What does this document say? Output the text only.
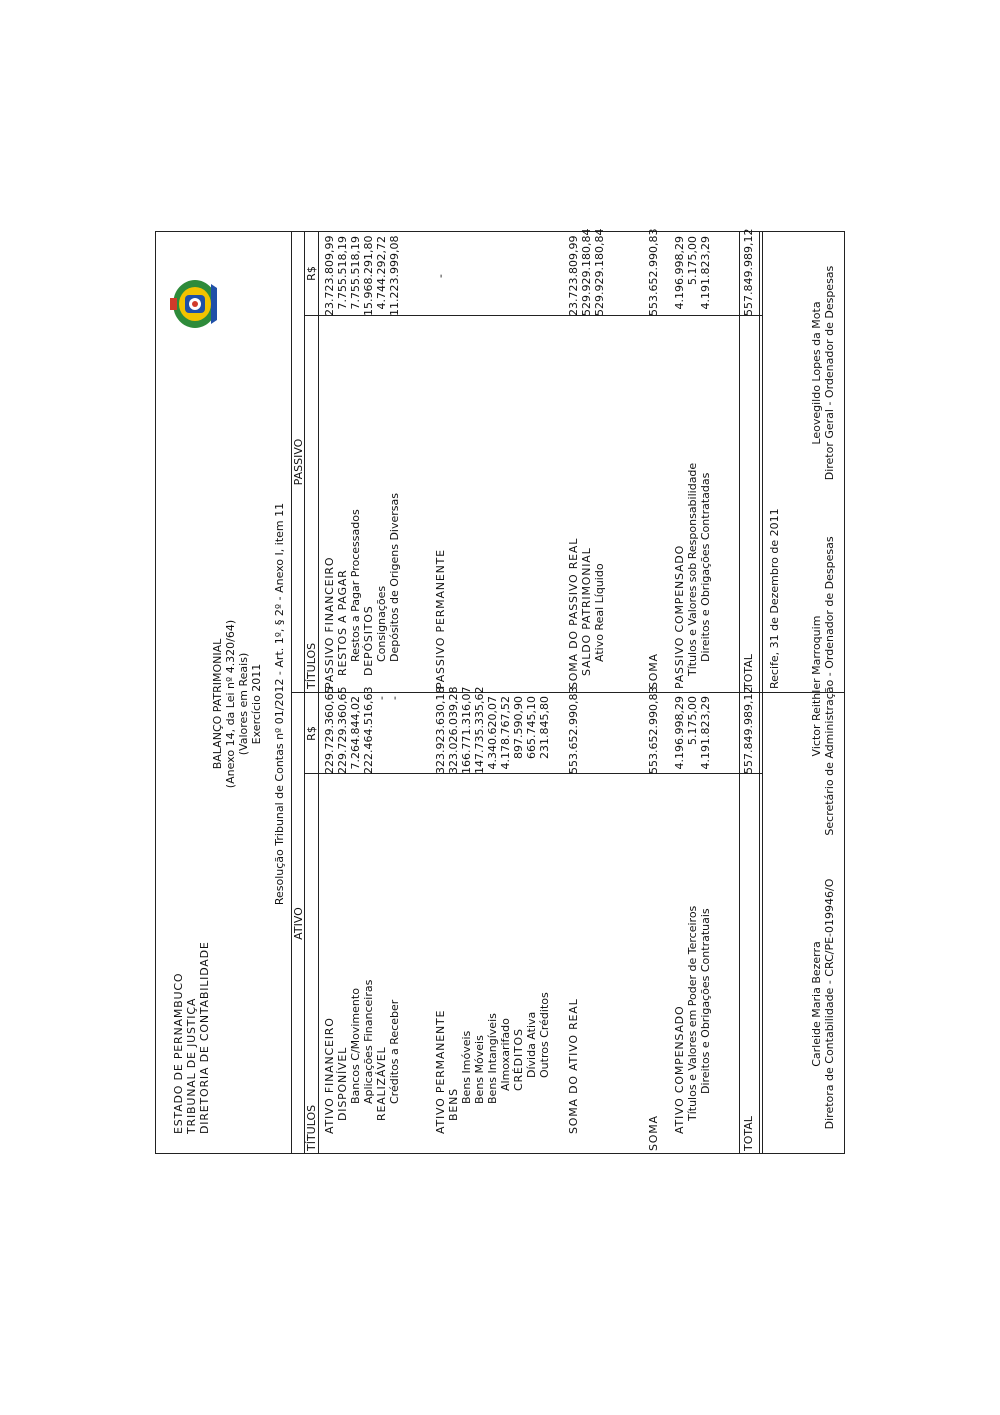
ESTADO DE PERNAMBUCO TRIBUNAL DE JUSTIÇA DIRETORIA DE CONTABILIDADE
BALANÇO PATRIMONIAL (Anexo 14, da Lei nº 4.320/64) (Valores em Reais) Exercício 2011 Resolução Tribunal de Contas nº 01/2012 - Art. 1º, § 2º - Anexo I, item 11
ATIVO
PASSIVO
TÍTULOS
R$
TÍTULOS
R$
ATIVO FINANCEIRO
229.729.360,65
DISPONÍVEL
229.729.360,65
Bancos C/Movimento
7.264.844,02
Aplicações Financeiras
222.464.516,63
REALIZÁVEL
-
Créditos a Receber
-
ATIVO PERMANENTE
323.923.630,18
BENS
323.026.039,28
Bens Imóveis
166.771.316,07
Bens Móveis
147.735.335,62
Bens Intangíveis
4.340.620,07
Almoxarifado
4.178.767,52
CRÉDITOS
897.590,90
Dívida Ativa
665.745,10
Outros Créditos
231.845,80
SOMA DO ATIVO REAL
553.652.990,83
SOMA
553.652.990,83
ATIVO COMPENSADO
4.196.998,29
Títulos e Valores em Poder de Terceiros
5.175,00
Direitos e Obrigações Contratuais
4.191.823,29
TOTAL
557.849.989,12
PASSIVO FINANCEIRO
23.723.809,99
RESTOS A PAGAR
7.755.518,19
Restos a Pagar Processados
7.755.518,19
DEPÓSITOS
15.968.291,80
Consignações
4.744.292,72
Depósitos de Origens Diversas
11.223.999,08
PASSIVO PERMANENTE
-
SOMA DO PASSIVO REAL
23.723.809,99
SALDO PATRIMONIAL
529.929.180,84
Ativo Real Líquido
529.929.180,84
SOMA
553.652.990,83
PASSIVO COMPENSADO
4.196.998,29
Títulos e Valores sob Responsabilidade
5.175,00
Direitos e Obrigações Contratadas
4.191.823,29
TOTAL
557.849.989,12
Recife, 31 de Dezembro de 2011
Carleide Maria Bezerra Diretora de Contabilidade - CRC/PE-019946/O
Victor Reithler Marroquim Secretário de Administração - Ordenador de Despesas
Leovegildo Lopes da Mota Diretor Geral - Ordenador de Despesas
